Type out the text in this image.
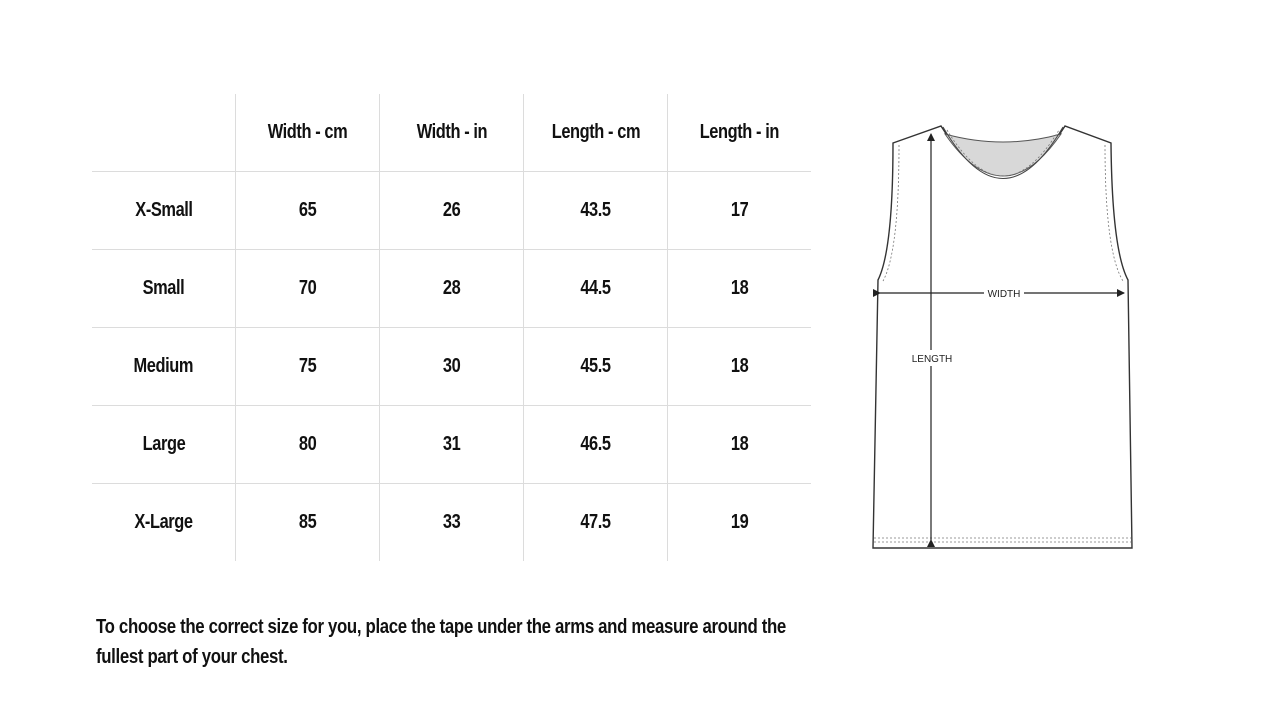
	Width - cm	Width - in	Length - cm	Length - in
X-Small	65	26	43.5	17
Small	70	28	44.5	18
Medium	75	30	45.5	18
Large	80	31	46.5	18
X-Large	85	33	47.5	19

To choose the correct size for you, place the tape under the arms and measure around the fullest part of your chest.

LENGTH
WIDTH
